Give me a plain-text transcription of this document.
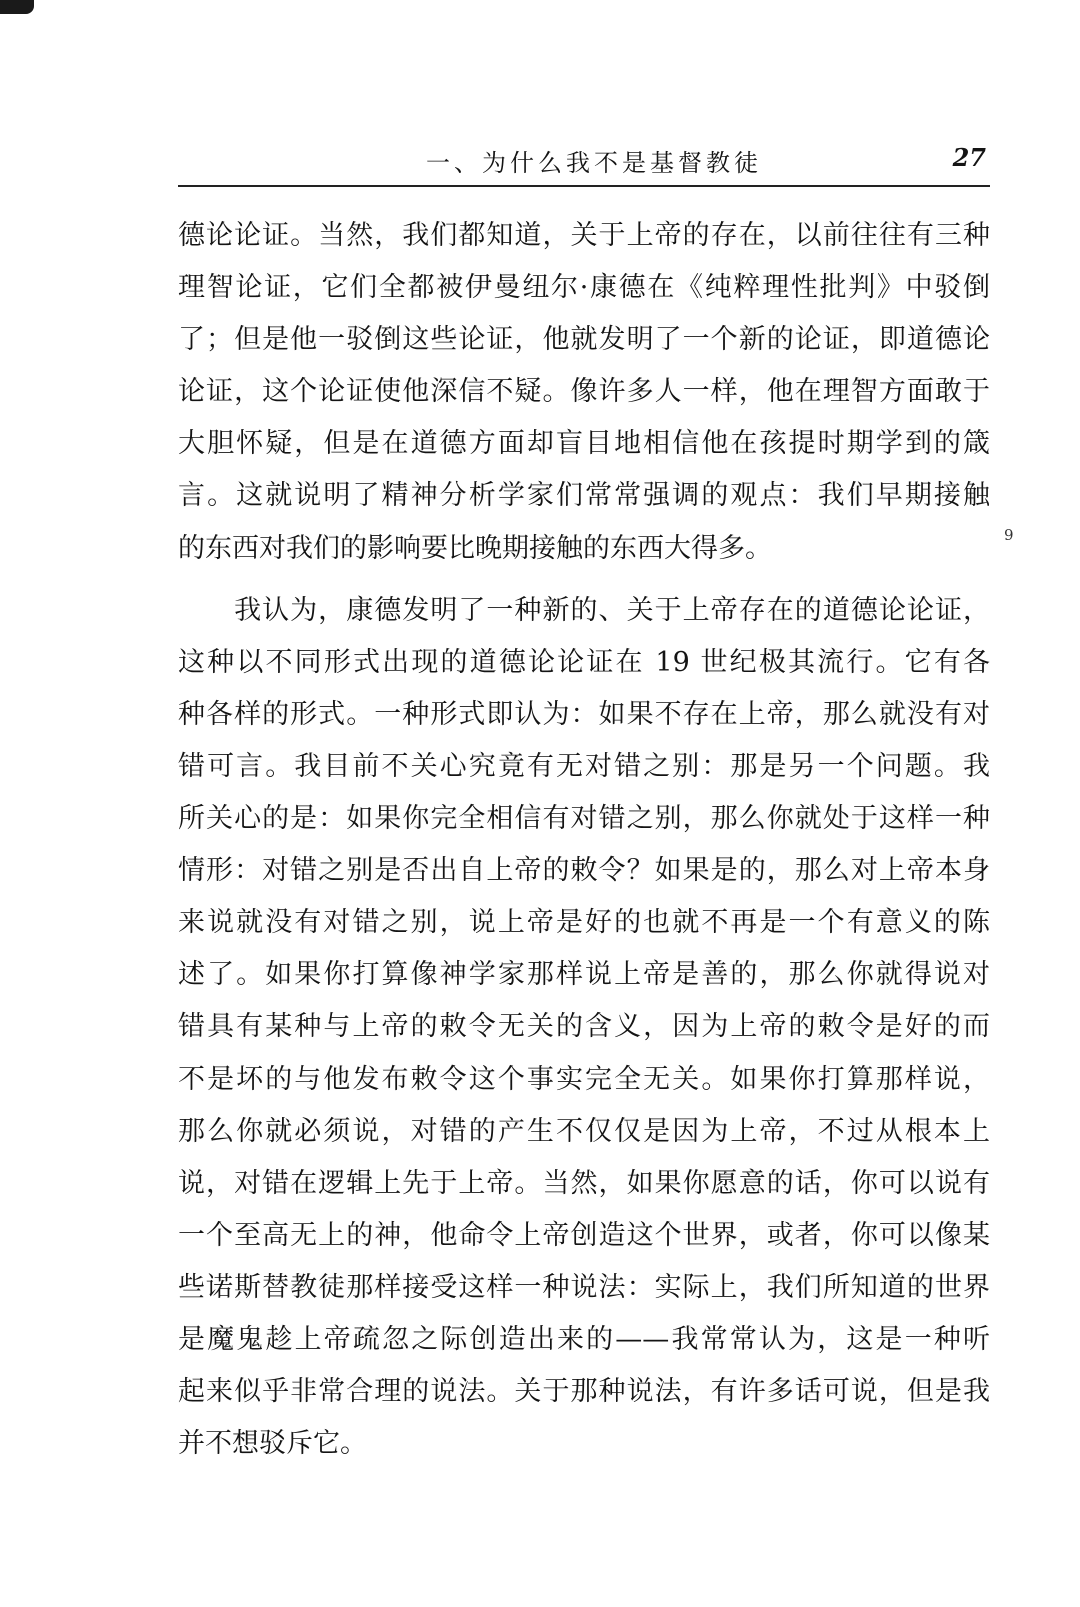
一、为什么我不是基督教徒	27
9
德论论证。当然，我们都知道，关于上帝的存在，以前往往有三种
理智论证，它们全都被伊曼纽尔·康德在《纯粹理性批判》中驳倒
了；但是他一驳倒这些论证，他就发明了一个新的论证，即道德论
论证，这个论证使他深信不疑。像许多人一样，他在理智方面敢于
大胆怀疑，但是在道德方面却盲目地相信他在孩提时期学到的箴
言。这就说明了精神分析学家们常常强调的观点：我们早期接触
的东西对我们的影响要比晚期接触的东西大得多。
　　我认为，康德发明了一种新的、关于上帝存在的道德论论证，
这种以不同形式出现的道德论论证在 19 世纪极其流行。它有各
种各样的形式。一种形式即认为：如果不存在上帝，那么就没有对
错可言。我目前不关心究竟有无对错之别：那是另一个问题。我
所关心的是：如果你完全相信有对错之别，那么你就处于这样一种
情形：对错之别是否出自上帝的敕令？如果是的，那么对上帝本身
来说就没有对错之别，说上帝是好的也就不再是一个有意义的陈
述了。如果你打算像神学家那样说上帝是善的，那么你就得说对
错具有某种与上帝的敕令无关的含义，因为上帝的敕令是好的而
不是坏的与他发布敕令这个事实完全无关。如果你打算那样说，
那么你就必须说，对错的产生不仅仅是因为上帝，不过从根本上
说，对错在逻辑上先于上帝。当然，如果你愿意的话，你可以说有
一个至高无上的神，他命令上帝创造这个世界，或者，你可以像某
些诺斯替教徒那样接受这样一种说法：实际上，我们所知道的世界
是魔鬼趁上帝疏忽之际创造出来的——我常常认为，这是一种听
起来似乎非常合理的说法。关于那种说法，有许多话可说，但是我
并不想驳斥它。
